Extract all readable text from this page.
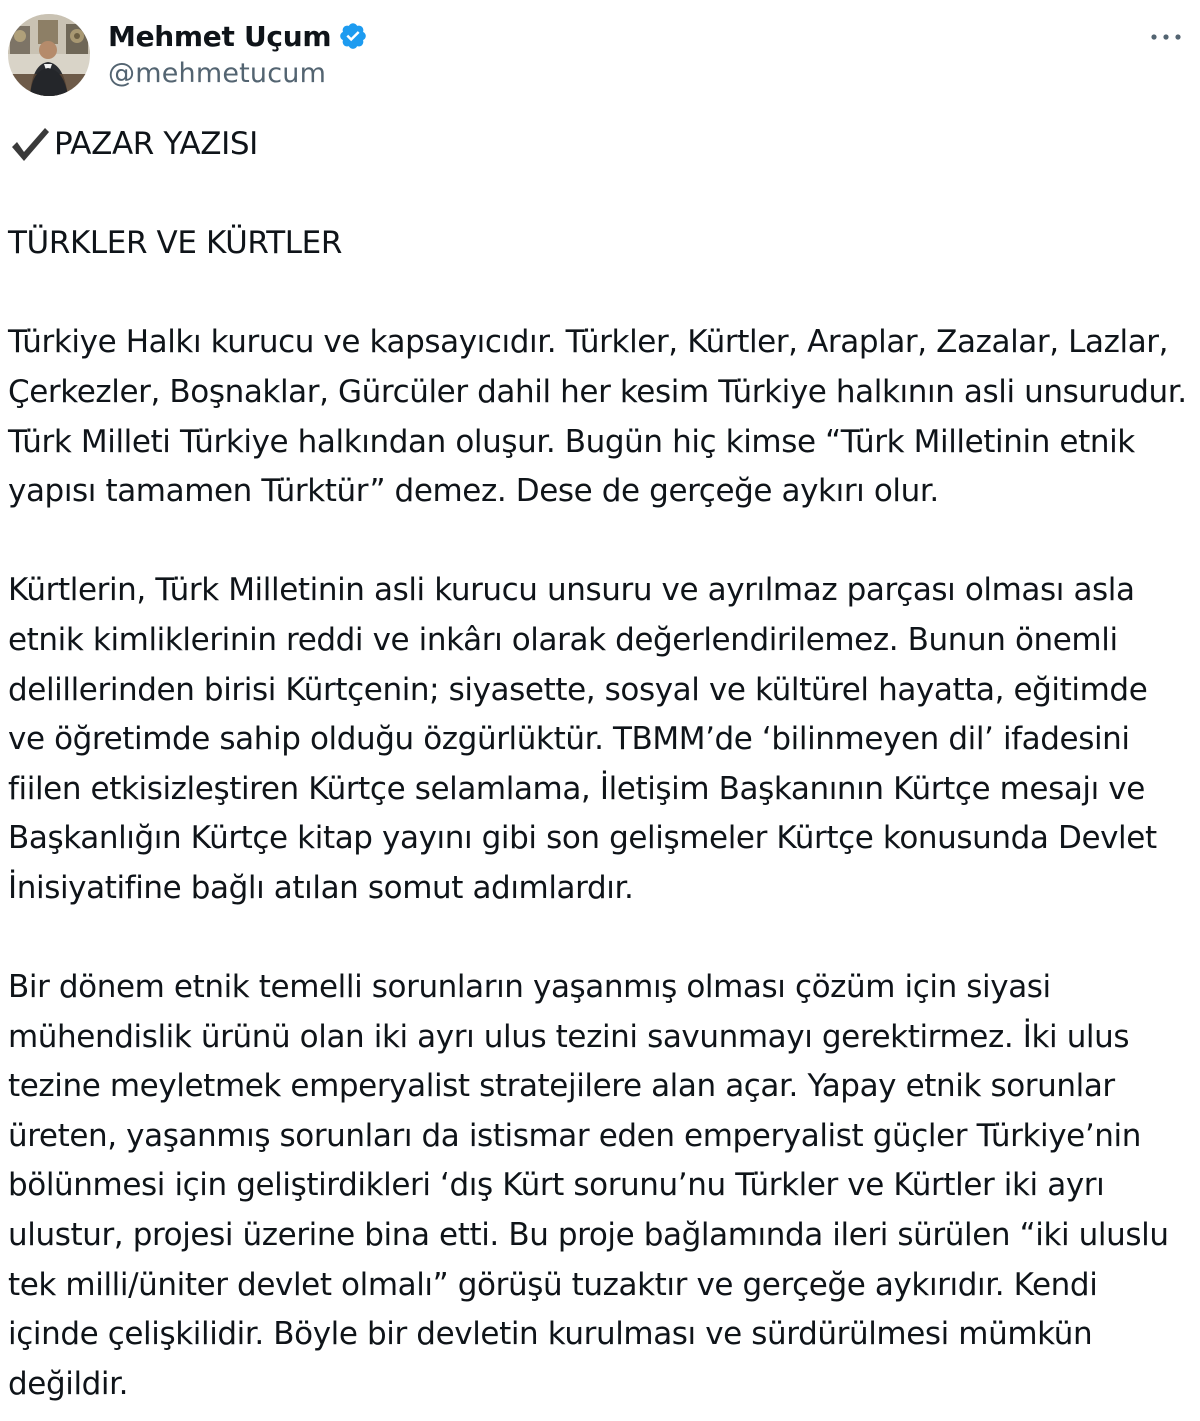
Mehmet Uçum
@mehmetucum
PAZAR YAZISI
TÜRKLER VE KÜRTLER
Türkiye Halkı kurucu ve kapsayıcıdır. Türkler, Kürtler, Araplar, Zazalar, Lazlar,
Çerkezler, Boşnaklar, Gürcüler dahil her kesim Türkiye halkının asli unsurudur.
Türk Milleti Türkiye halkından oluşur. Bugün hiç kimse “Türk Milletinin etnik
yapısı tamamen Türktür” demez. Dese de gerçeğe aykırı olur.
Kürtlerin, Türk Milletinin asli kurucu unsuru ve ayrılmaz parçası olması asla
etnik kimliklerinin reddi ve inkârı olarak değerlendirilemez. Bunun önemli
delillerinden birisi Kürtçenin; siyasette, sosyal ve kültürel hayatta, eğitimde
ve öğretimde sahip olduğu özgürlüktür. TBMM’de ‘bilinmeyen dil’ ifadesini
fiilen etkisizleştiren Kürtçe selamlama, İletişim Başkanının Kürtçe mesajı ve
Başkanlığın Kürtçe kitap yayını gibi son gelişmeler Kürtçe konusunda Devlet
İnisiyatifine bağlı atılan somut adımlardır.
Bir dönem etnik temelli sorunların yaşanmış olması çözüm için siyasi
mühendislik ürünü olan iki ayrı ulus tezini savunmayı gerektirmez. İki ulus
tezine meyletmek emperyalist stratejilere alan açar. Yapay etnik sorunlar
üreten, yaşanmış sorunları da istismar eden emperyalist güçler Türkiye’nin
bölünmesi için geliştirdikleri ‘dış Kürt sorunu’nu Türkler ve Kürtler iki ayrı
ulustur, projesi üzerine bina etti. Bu proje bağlamında ileri sürülen “iki uluslu
tek milli/üniter devlet olmalı” görüşü tuzaktır ve gerçeğe aykırıdır. Kendi
içinde çelişkilidir. Böyle bir devletin kurulması ve sürdürülmesi mümkün
değildir.
